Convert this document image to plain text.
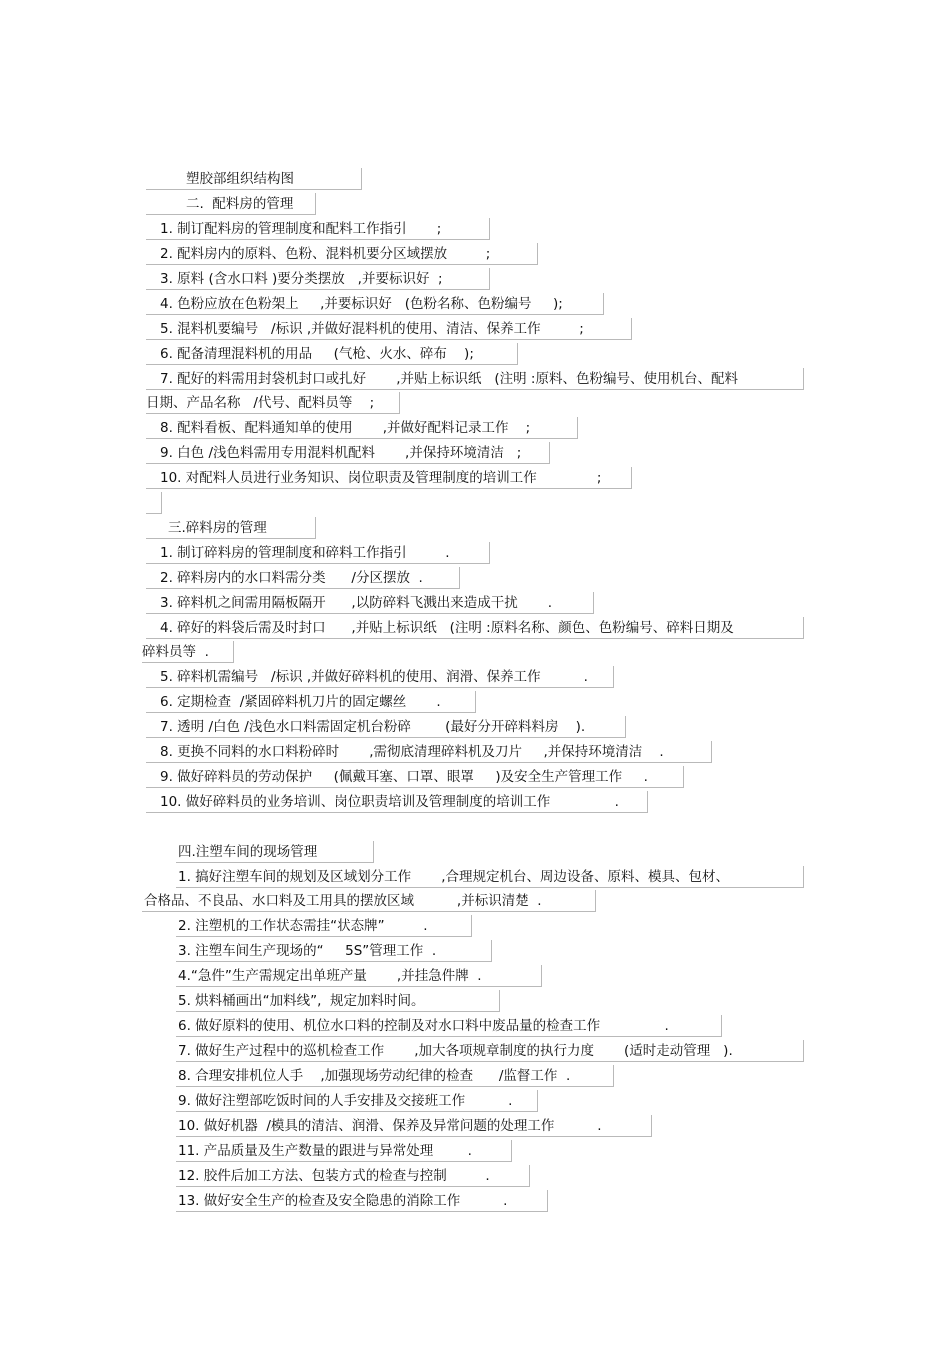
塑胶部组织结构图
二.  配料房的管理
1. 制订配料房的管理制度和配料工作指引       ;
2. 配料房内的原料、色粉、混料机要分区域摆放         ;
3. 原料 (含水口料 )要分类摆放   ,并要标识好  ;
4. 色粉应放在色粉架上     ,并要标识好   (色粉名称、色粉编号     );
5. 混料机要编号   /标识 ,并做好混料机的使用、清洁、保养工作         ;
6. 配备清理混料机的用品     (气枪、火水、碎布    );
7. 配好的料需用封袋机封口或扎好       ,并贴上标识纸   (注明 :原料、色粉编号、使用机台、配料
日期、产品名称   /代号、配料员等    ;
8. 配料看板、配料通知单的使用       ,并做好配料记录工作    ;
9. 白色 /浅色料需用专用混料机配料       ,并保持环境清洁   ;
10. 对配料人员进行业务知识、岗位职责及管理制度的培训工作              ;
三.碎料房的管理
1. 制订碎料房的管理制度和碎料工作指引         .
2. 碎料房内的水口料需分类      /分区摆放  .
3. 碎料机之间需用隔板隔开      ,以防碎料飞溅出来造成干扰       .
4. 碎好的料袋后需及时封口      ,并贴上标识纸   (注明 :原料名称、颜色、色粉编号、碎料日期及
碎料员等  .
5. 碎料机需编号   /标识 ,并做好碎料机的使用、润滑、保养工作          .
6. 定期检查  /紧固碎料机刀片的固定螺丝       .
7. 透明 /白色 /浅色水口料需固定机台粉碎        (最好分开碎料料房    ).
8. 更换不同料的水口料粉碎时       ,需彻底清理碎料机及刀片     ,并保持环境清洁    .
9. 做好碎料员的劳动保护     (佩戴耳塞、口罩、眼罩     )及安全生产管理工作     .
10. 做好碎料员的业务培训、岗位职责培训及管理制度的培训工作               .
四.注塑车间的现场管理
1. 搞好注塑车间的规划及区域划分工作       ,合理规定机台、周边设备、原料、模具、包材、
合格品、不良品、水口料及工用具的摆放区域          ,并标识清楚  .
2. 注塑机的工作状态需挂“状态牌”         .
3. 注塑车间生产现场的“     5S”管理工作  .
4.“急件”生产需规定出单班产量       ,并挂急件牌  .
5. 烘料桶画出“加料线”,  规定加料时间。
6. 做好原料的使用、机位水口料的控制及对水口料中废品量的检查工作               .
7. 做好生产过程中的巡机检查工作       ,加大各项规章制度的执行力度       (适时走动管理   ).
8. 合理安排机位人手    ,加强现场劳动纪律的检查      /监督工作  .
9. 做好注塑部吃饭时间的人手安排及交接班工作          .
10. 做好机器  /模具的清洁、润滑、保养及异常问题的处理工作          .
11. 产品质量及生产数量的跟进与异常处理        .
12. 胶件后加工方法、包装方式的检查与控制         .
13. 做好安全生产的检查及安全隐患的消除工作          .
